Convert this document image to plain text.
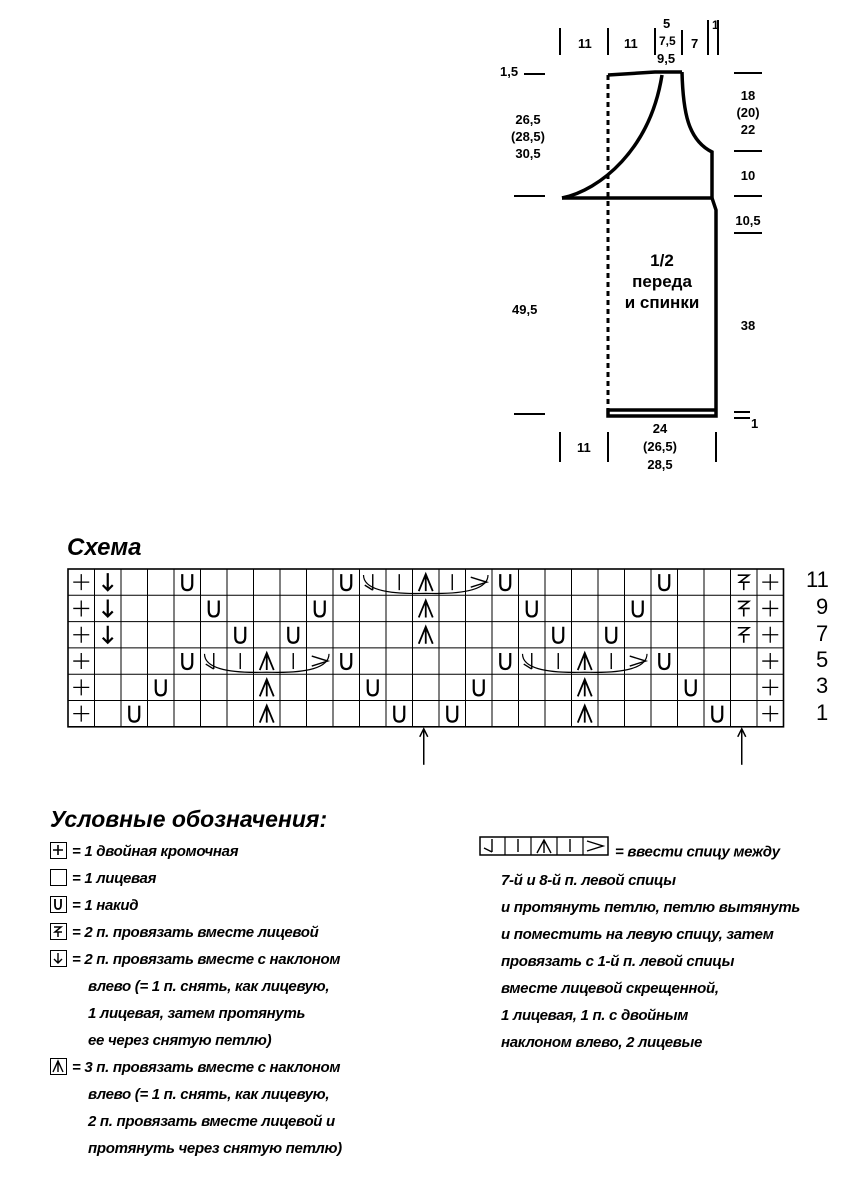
11 11
5
7,5
9,5
7
1
1,5
26,5
(28,5)
30,5
49,5
18
(20)
22
10
10,5
38
1
11
24
(26,5)
28,5
1/2
переда
и спинки
Схема
11
9
7
5
3
1
Условные обозначения:
= 1 двойная кромочная
= 1 лицевая
= 1 накид
= 2 п. провязать вместе лицевой
= 2 п. провязать вместе с наклоном
влево (= 1 п. снять, как лицевую,
1 лицевая, затем протянуть
ее через снятую петлю)
= 3 п. провязать вместе с наклоном
влево (= 1 п. снять, как лицевую,
2 п. провязать вместе лицевой и
протянуть через снятую петлю)
= ввести спицу между
7-й и 8-й п. левой спицы
и протянуть петлю, петлю вытянуть
и поместить на левую спицу, затем
провязать с 1-й п. левой спицы
вместе лицевой скрещенной,
1 лицевая, 1 п. с двойным
наклоном влево, 2 лицевые
